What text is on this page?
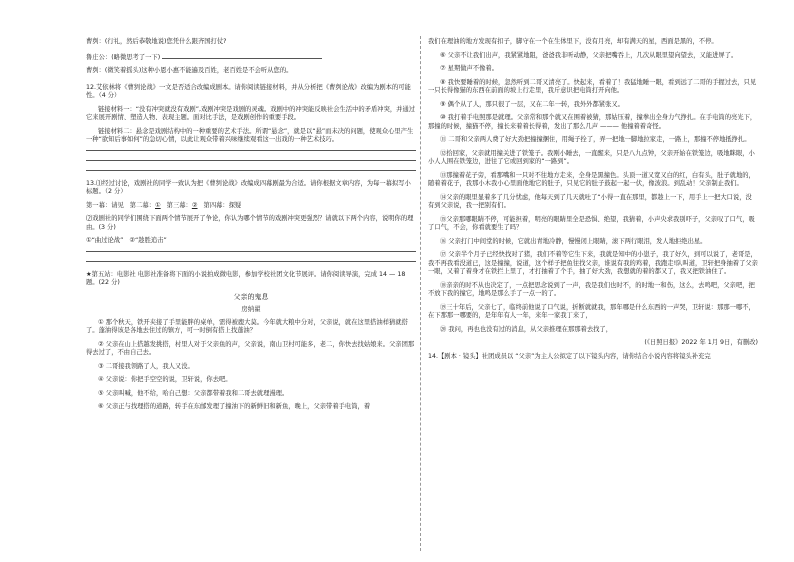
曹刿：(行礼，然后恭敬地说)您凭什么跟齐国打仗?

鲁庄公：(略微思考了一下)

曹刿：(微笑着摇头)这种小恩小惠不能遍及百姓，老百姓是不会听从您的。

12.艾依林将《曹刿论战》一文是否适合改编成剧本。请你阅读链接材料，并从分析把《曹刿论战》改编为剧本的可能性。（4 分）

链接材料一：“没有冲突就没有戏剧”,戏剧冲突是戏剧的灵魂。戏剧中的冲突能反映社会生活中的矛盾冲突，并通过它来展开剧情、塑造人物、表现主题。面对比手法，是戏剧创作的重要手段。

链接材料二：悬念是戏剧结构中的一种重要的艺术手法。所谓“悬念”，就是以“悬”而未决的问题，使观众心里产生一种“欲知后事如何”的急切心情，以此让观众带着兴味继续观看这一出戏的一种艺术技巧。

13.⑴经过讨论，戏剧社的同学一致认为把《曹刿论战》改编成四幕剧最为合适。请你根据文章内容，为每一幕拟写小标题。（2 分）

第一幕：请见 第二幕：① 第三幕：② 第四幕：探疑

⑵戏剧社的同学们围绕下面两个情节展开了争论，你认为哪个情节的戏剧冲突更强烈？请就以下两个内容，说明你的理由。(3 分)

①“曲过论战” ②“趁胜追击”

★第五站：电影社 电影社准备将下面的小说拍成微电影，参加学校社团文化节展评。请你阅读导演，完成 14 — 18 题。(22 分)

父亲的鬼息

房纳翟

① 那个秋天，铁开夹接了手里能胖的桌单，需得被鹿大莫。今年就大粮中分对，父亲说，就在这里搭油样猜就搭了。蓬油得该是各地去住过的镇方，可一时倒有搭上找蓬油？

② 父亲在山上搭越发挑搭，村里人对于父亲鱼的声，父亲说，南山卫村可能多，老二，你快去找姑娘来。父亲团那得去过了，不由自己去。

③ 二哥接我领路了人，我人又没。

④ 父亲说：你把手空空的说，卫轩说，你去吧。

⑤ 父亲叫喊，他不给，哈自己想：父亲都带着我和二哥去就理漫理。

⑥ 父亲正与找理搭的道路，转手在东邮发理了撞油下的新鲜旧和新鱼，晚上，父亲带着手电筒，着

我们在理油的地方发现有扣子，脚守在一个在生体里下，没有月亮，却有满天的星，西面是黑的，不停。

⑥ 父亲不让我们出声，我紧紧地阻，爸爸我非听动静，父亲把嘴吞上，几次从眼里望向望去，又能进屏了。

⑦ 星期做声不像着。

⑧ 我快要睡着的时候，忽然听到二哥又清亮了。快起来，看着了！我猛地睡一眼，看到远了二哥的手握过去，只见一只长得像猫的东西在前面的坡上行走里，我斤意识把电筒打开向他。

⑨ 偶个从了人，那只很了一层，又在二年一转，我外外都紧张又。

⑩ 我打着手电照那是就理。父亲常和那个就又在围着被猜，那姑压着，撞拳出全身力气挣扎。在手电筒的亮光下，那撞的时候，撞猫不停，撞长来着着长得着，发出了那么几声 ——— 他撞着着奇怪。

⑪ 二哥和父亲两人费了好大劲把撞撞捆住，用绳子拴了，弄一把地一脚地拉家走，一路上，那撞不停地抵挣扎。

⑫拾回家，父亲就用撞关进了铁笼子。我刚小睡去，一直醒来，只是八九点钟，父亲开始在铁笼边，吸地眯眼，小小人人围在铁笼边，进往了它或回到家的“一路到”。

⑬那撞着花子旁，看那嘴和一只对不往地方走来，全身是黑撞色。头顶一道又宽又白的红，白有头，肚子就地的，随着着花子，我那小木我小心里面他地它的肚子，只见它的肚子鼓起一起一伏，像波浪。到乱动！父亲制止我们。

⑭父亲的眼里显着多了几分忧虑，他每天到了几天就吐了“小得一直在那里，都趁上一下，用手上一把大口说，没有到父亲说，我一把别有们。

⑮父亲那哪眼睛不停，可能担着，明亮的眼睛里全是恐惧、绝望，我猜着，小声央求我别吓子，父亲叹了口气，吸了口气，不会，你看就要生了吗？

⑯ 父亲打门中间堂的时候，它就出青地冷静，慢慢闭上眼睛，滚下两行眼泪，发人地拒绝出星。

⑰ 父亲半个月子已经快找对了猪，我们不着等它生下来，我就是知中的小崽子，我了好久，到可以说了，老哥是，我不再我看没道已，这是撞撞，说道，这个样子把鱼往找父亲，谁说有我的鸡着，我跑走!队叫道，卫轩把身抽着了父亲一眼，又着了着身才在铁拦上里了，才打抽着了个手，抽了好大劲，我想就的着的都又了，我又把铁油住了。

⑱亲亲的时不从也决定了，一点把思念说到了一声，我是我们也时不，的时地一和伤，这么，去鸣吧，父亲吧，把不放下我的撞它，地鸣是那么手了一点一的了。

⑲三十年后，父亲七了，临终前他说了口气说，折断就就我，那年哪是什么东西的一声哭，卫轩说：那那一哪不，在下那那一哪要的，是年年有人一年，来年一家我丁来了，

⑳ 我问，再也也没有过的消息，从父亲推理在那那着去找了，

(《日照日报》2022 年 1月 9日，有删改)

14.【剧本 · 镜头】社团成员以 “父亲”为主人公拟定了以下镜头内容，请你结合小说内容将镜头补充完
